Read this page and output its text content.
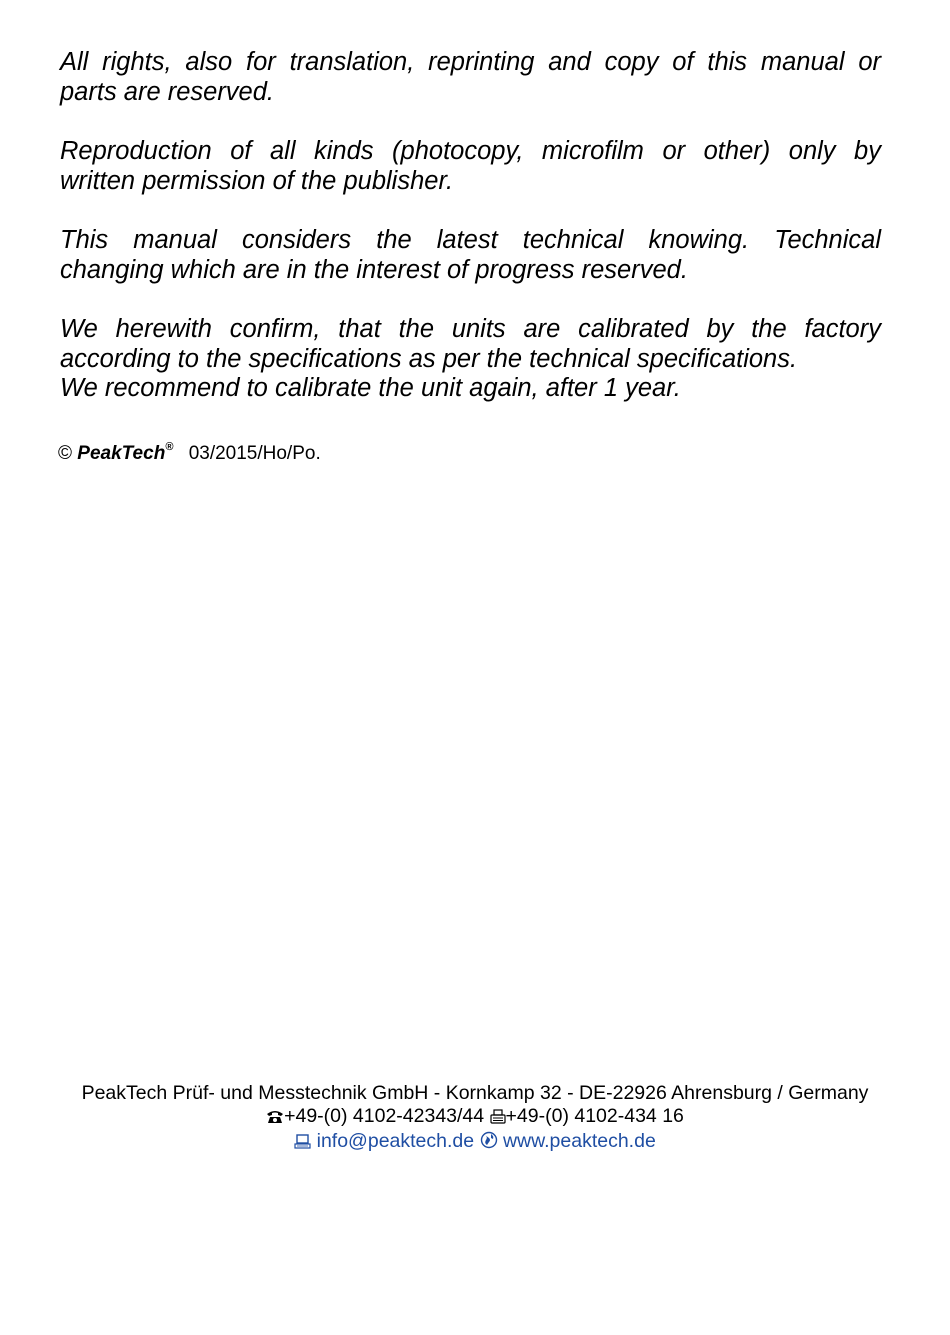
All rights, also for translation, reprinting and copy of this manual or
parts are reserved.

Reproduction of all kinds (photocopy, microfilm or other) only by
written permission of the publisher.

This manual considers the latest technical knowing. Technical
changing which are in the interest of progress reserved.

We herewith confirm, that the units are calibrated by the factory
according to the specifications as per the technical specifications.
We recommend to calibrate the unit again, after 1 year.

© PeakTech® 03/2015/Ho/Po.
PeakTech Prüf- und Messtechnik GmbH - Kornkamp 32 - DE-22926 Ahrensburg / Germany
+49-(0) 4102-42343/44 +49-(0) 4102-434 16
info@peaktech.de www.peaktech.de
